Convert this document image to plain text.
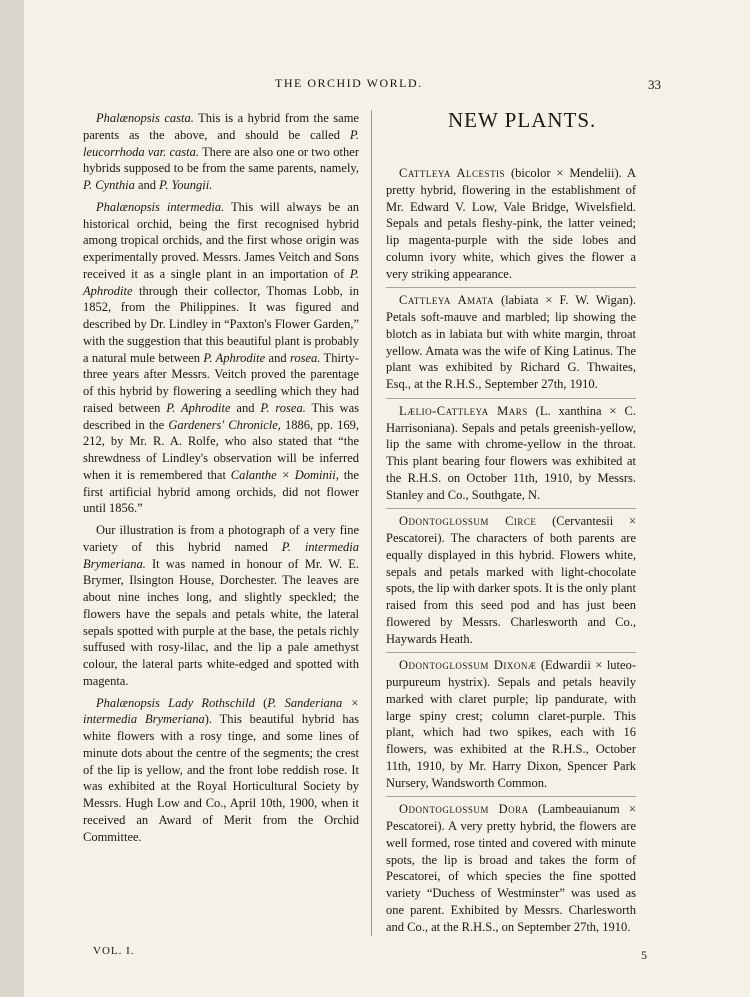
THE ORCHID WORLD.	33

Phalænopsis casta. This is a hybrid from the same parents as the above, and should be called P. leucorrhoda var. casta. There are also one or two other hybrids supposed to be from the same parents, namely, P. Cynthia and P. Youngii.

Phalænopsis intermedia. This will always be an historical orchid, being the first recognised hybrid among tropical orchids, and the first whose origin was experimentally proved. Messrs. James Veitch and Sons received it as a single plant in an importation of P. Aphrodite through their collector, Thomas Lobb, in 1852, from the Philippines. It was figured and described by Dr. Lindley in “Paxton's Flower Garden,” with the suggestion that this beautiful plant is probably a natural mule between P. Aphrodite and rosea. Thirty-three years after Messrs. Veitch proved the parentage of this hybrid by flowering a seedling which they had raised between P. Aphrodite and P. rosea. This was described in the Gardeners' Chronicle, 1886, pp. 169, 212, by Mr. R. A. Rolfe, who also stated that “the shrewdness of Lindley's observation will be inferred when it is remembered that Calanthe × Dominii, the first artificial hybrid among orchids, did not flower until 1856.”

Our illustration is from a photograph of a very fine variety of this hybrid named P. intermedia Brymeriana. It was named in honour of Mr. W. E. Brymer, Ilsington House, Dorchester. The leaves are about nine inches long, and slightly speckled; the flowers have the sepals and petals white, the lateral sepals spotted with purple at the base, the petals richly suffused with rosy-lilac, and the lip a pale amethyst colour, the lateral parts white-edged and spotted with magenta.

Phalænopsis Lady Rothschild (P. Sanderiana × intermedia Brymeriana). This beautiful hybrid has white flowers with a rosy tinge, and some lines of minute dots about the centre of the segments; the crest of the lip is yellow, and the front lobe reddish rose. It was exhibited at the Royal Horticultural Society by Messrs. Hugh Low and Co., April 10th, 1900, when it received an Award of Merit from the Orchid Committee.

NEW PLANTS.

Cattleya Alcestis (bicolor × Mendelii). A pretty hybrid, flowering in the establishment of Mr. Edward V. Low, Vale Bridge, Wivelsfield. Sepals and petals fleshy-pink, the latter veined; lip magenta-purple with the side lobes and column ivory white, which gives the flower a very striking appearance.

Cattleya Amata (labiata × F. W. Wigan). Petals soft-mauve and marbled; lip showing the blotch as in labiata but with white margin, throat yellow. Amata was the wife of King Latinus. The plant was exhibited by Richard G. Thwaites, Esq., at the R.H.S., September 27th, 1910.

Lælio-Cattleya Mars (L. xanthina × C. Harrisoniana). Sepals and petals greenish-yellow, lip the same with chrome-yellow in the throat. This plant bearing four flowers was exhibited at the R.H.S. on October 11th, 1910, by Messrs. Stanley and Co., Southgate, N.

Odontoglossum Circe (Cervantesii × Pescatorei). The characters of both parents are equally displayed in this hybrid. Flowers white, sepals and petals marked with light-chocolate spots, the lip with darker spots. It is the only plant raised from this seed pod and has just been flowered by Messrs. Charlesworth and Co., Haywards Heath.

Odontoglossum Dixonæ (Edwardii × luteo-purpureum hystrix). Sepals and petals heavily marked with claret purple; lip pandurate, with large spiny crest; column claret-purple. This plant, which had two spikes, each with 16 flowers, was exhibited at the R.H.S., October 11th, 1910, by Mr. Harry Dixon, Spencer Park Nursery, Wandsworth Common.

Odontoglossum Dora (Lambeauianum × Pescatorei). A very pretty hybrid, the flowers are well formed, rose tinted and covered with minute spots, the lip is broad and takes the form of Pescatorei, of which species the fine spotted variety “Duchess of Westminster” was used as one parent. Exhibited by Messrs. Charlesworth and Co., at the R.H.S., on September 27th, 1910.

VOL. I.	5
